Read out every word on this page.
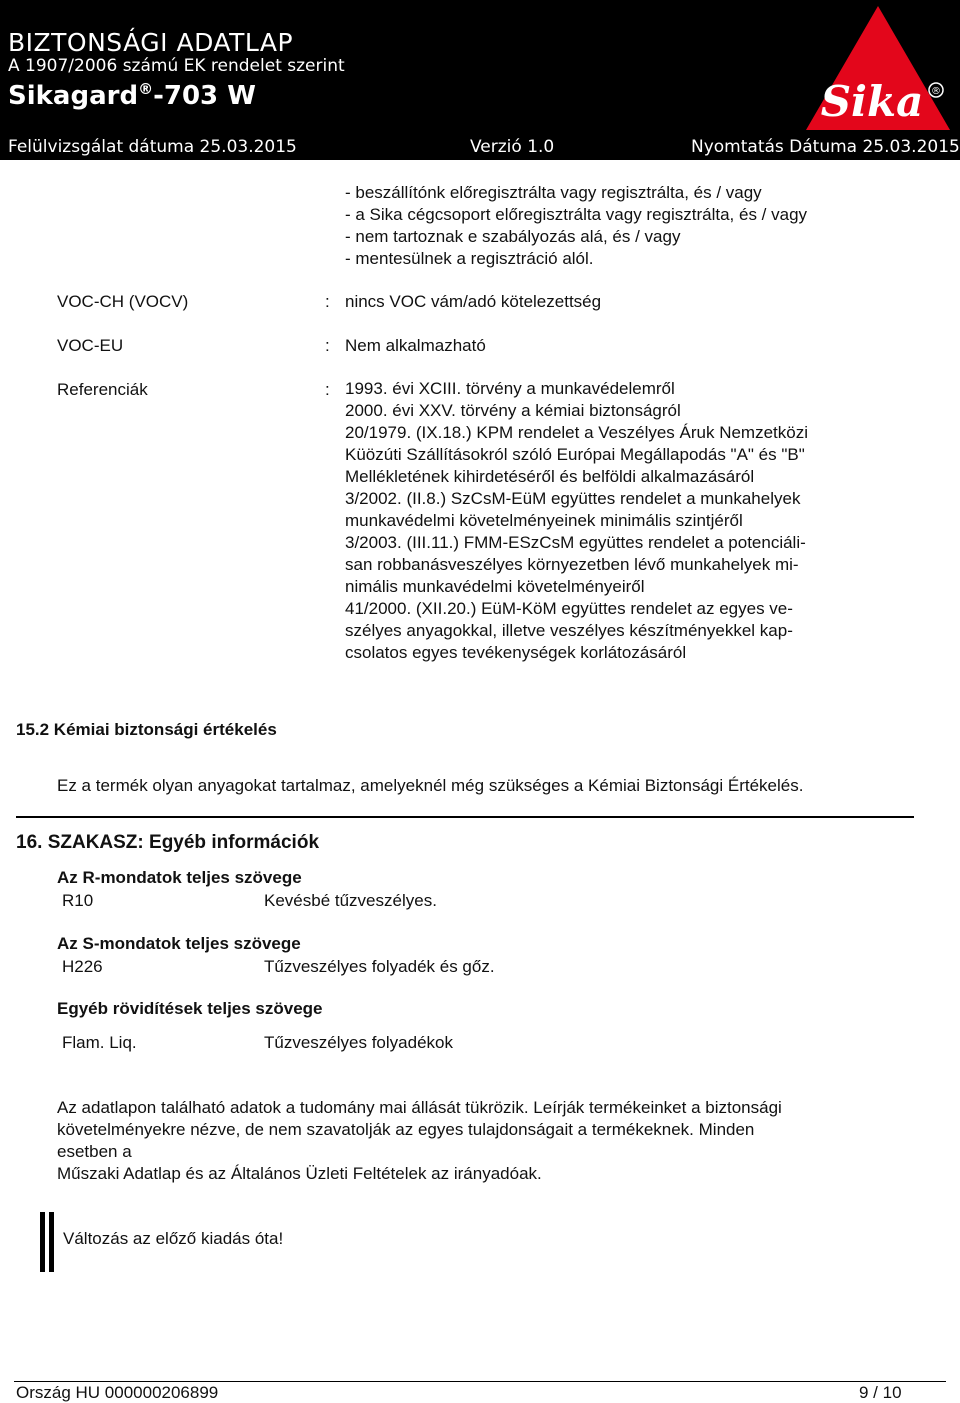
BIZTONSÁGI ADATLAP
A 1907/2006 számú EK rendelet szerint
Sikagard®-703 W
Felülvizsgálat dátuma 25.03.2015	Verzió 1.0	Nyomtatás Dátuma 25.03.2015
Sika ®
- beszállítónk előregisztrálta vagy regisztrálta, és / vagy
- a Sika cégcsoport előregisztrálta vagy regisztrálta, és / vagy
- nem tartoznak e szabályozás alá, és / vagy
- mentesülnek a regisztráció alól.
VOC-CH (VOCV)	: nincs VOC vám/adó kötelezettség
VOC-EU	: Nem alkalmazható
Referenciák	: 1993. évi XCIII. törvény a munkavédelemről
2000. évi XXV. törvény a kémiai biztonságról
20/1979. (IX.18.) KPM rendelet a Veszélyes Áruk Nemzetközi
Küözúti Szállításokról szóló Európai Megállapodás "A" és "B"
Mellékletének kihirdetéséről és belföldi alkalmazásáról
3/2002. (II.8.) SzCsM-EüM együttes rendelet a munkahelyek
munkavédelmi követelményeinek minimális szintjéről
3/2003. (III.11.) FMM-ESzCsM együttes rendelet a potenciáli-
san robbanásveszélyes környezetben lévő munkahelyek mi-
nimális munkavédelmi követelményeiről
41/2000. (XII.20.) EüM-KöM együttes rendelet az egyes ve-
szélyes anyagokkal, illetve veszélyes készítményekkel kap-
csolatos egyes tevékenységek korlátozásáról
15.2 Kémiai biztonsági értékelés
Ez a termék olyan anyagokat tartalmaz, amelyeknél még szükséges a Kémiai Biztonsági Értékelés.
16. SZAKASZ: Egyéb információk
Az R-mondatok teljes szövege
R10	Kevésbé tűzveszélyes.
Az S-mondatok teljes szövege
H226	Tűzveszélyes folyadék és gőz.
Egyéb rövidítések teljes szövege
Flam. Liq.	Tűzveszélyes folyadékok
Az adatlapon található adatok a tudomány mai állását tükrözik. Leírják termékeinket a biztonsági
követelményekre nézve, de nem szavatolják az egyes tulajdonságait a termékeknek. Minden
esetben a
Műszaki Adatlap és az Általános Üzleti Feltételek az irányadóak.
Változás az előző kiadás óta!
Ország HU 000000206899	9 / 10
